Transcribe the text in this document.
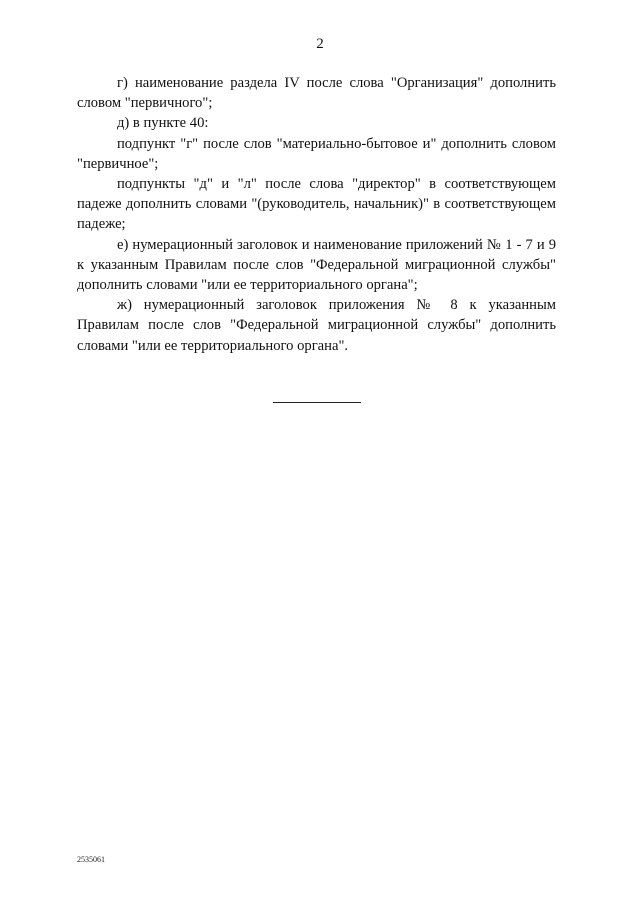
2

г) наименование раздела IV после слова "Организация" дополнить словом "первичного";

д) в пункте 40:

подпункт "г" после слов "материально-бытовое и" дополнить словом "первичное";

подпункты "д" и "л" после слова "директор" в соответствующем падеже дополнить словами "(руководитель, начальник)" в соответствующем падеже;

е) нумерационный заголовок и наименование приложений № 1 - 7 и 9 к указанным Правилам после слов "Федеральной миграционной службы" дополнить словами "или ее территориального органа";

ж) нумерационный заголовок приложения № 8 к указанным Правилам после слов "Федеральной миграционной службы" дополнить словами "или ее территориального органа".

2535061
